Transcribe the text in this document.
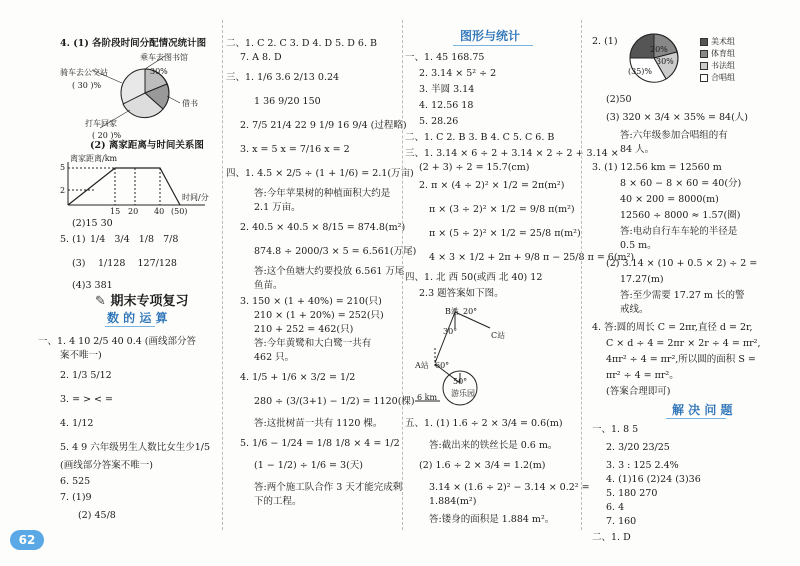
4. (1) 各阶段时间分配情况统计图
乘车去图书馆
骑车去公交站
( 30 )%
30%
借书
打车回家
( 20 )%
(2) 离家距离与时间关系图
离家距离/km
5
2
15 20 40 (50)
时间/分
(2)15 30
5. (1) 1/4 3/4 1/8 7/8
(3) 1/128 127/128
(4)3 381
✎ 期末专项复习
数 的 运 算
一、1. 4 10 2/5 40 0.4 (画线部分答
案不唯一)
2. 1/3 5/12
3. = > < =
4. 1/12
5. 4 9 六年级男生人数比女生少1/5
(画线部分答案不唯一)
6. 525
7. (1)9
(2) 45/8
62
二、1. C 2. C 3. D 4. D 5. D 6. B
7. A 8. D
三、1. 1/6 3.6 2/13 0.24
1 36 9/20 150
2. 7/5 21/4 22 9 1/9 16 9/4 (过程略)
3. x = 5 x = 7/16 x = 2
四、1. 4.5 × 2/5 ÷ (1 + 1/6) = 2.1(万亩)
答:今年苹果树的种植面积大约是
2.1 万亩。
2. 40.5 × 40.5 × 8/15 = 874.8(m²)
874.8 ÷ 2000/3 × 5 = 6.561(万尾)
答:这个鱼塘大约要投放 6.561 万尾
鱼苗。
3. 150 × (1 + 40%) = 210(只)
210 × (1 + 20%) = 252(只)
210 + 252 = 462(只)
答:今年黄鹭和大白鹭一共有
462 只。
4. 1/5 + 1/6 × 3/2 = 1/2
280 ÷ (3/(3+1) − 1/2) = 1120(棵)
答:这批树苗一共有 1120 棵。
5. 1/6 − 1/24 = 1/8 1/8 × 4 = 1/2
(1 − 1/2) ÷ 1/6 = 3(天)
答:两个施工队合作 3 天才能完成剩
下的工程。
图形与统计
一、1. 45 168.75
2. 3.14 × 5² ÷ 2
3. 半圆 3.14
4. 12.56 18
5. 28.26
二、1. C 2. B 3. B 4. C 5. C 6. B
三、1. 3.14 × 6 ÷ 2 + 3.14 × 2 ÷ 2 + 3.14 ×
(2 + 3) ÷ 2 = 15.7(cm)
2. π × (4 ÷ 2)² × 1/2 = 2π(m²)
π × (3 ÷ 2)² × 1/2 = 9/8 π(m²)
π × (5 ÷ 2)² × 1/2 = 25/8 π(m²)
4 × 3 × 1/2 + 2π + 9/8 π − 25/8 π = 6(m²)
四、1. 北 西 50(或西 北 40) 12
2.3 题答案如下图。
B站 20°
C站
30°
A站 60°
50°
6 km 游乐园
五、1. (1) 1.6 ÷ 2 × 3/4 = 0.6(m)
答:截出来的铁丝长是 0.6 m。
(2) 1.6 ÷ 2 × 3/4 = 1.2(m)
3.14 × (1.6 ÷ 2)² − 3.14 × 0.2² =
1.884(m²)
答:镂身的面积是 1.884 m²。
2. (1)
20%
30%
(35)%
美术组
体育组
书法组
合唱组
(2)50
(3) 320 × 3/4 × 35% = 84(人)
答:六年级参加合唱组的有
84 人。
3. (1) 12.56 km = 12560 m
8 × 60 − 8 × 60 = 40(分)
40 × 200 = 8000(m)
12560 ÷ 8000 ≈ 1.57(圈)
答:电动自行车车轮的半径是
0.5 m。
(2) 3.14 × (10 + 0.5 × 2) ÷ 2 =
17.27(m)
答:至少需要 17.27 m 长的警
戒线。
4. 答:圆的周长 C = 2πr,直径 d = 2r,
C × d ÷ 4 = 2πr × 2r ÷ 4 = πr²,
4πr² ÷ 4 = πr²,所以圆的面积 S =
πr² ÷ 4 = πr²。
(答案合理即可)
解 决 问 题
一、1. 8 5
2. 3/20 23/25
3. 3 : 125 2.4%
4. (1)16 (2)24 (3)36
5. 180 270
6. 4
7. 160
二、1. D
